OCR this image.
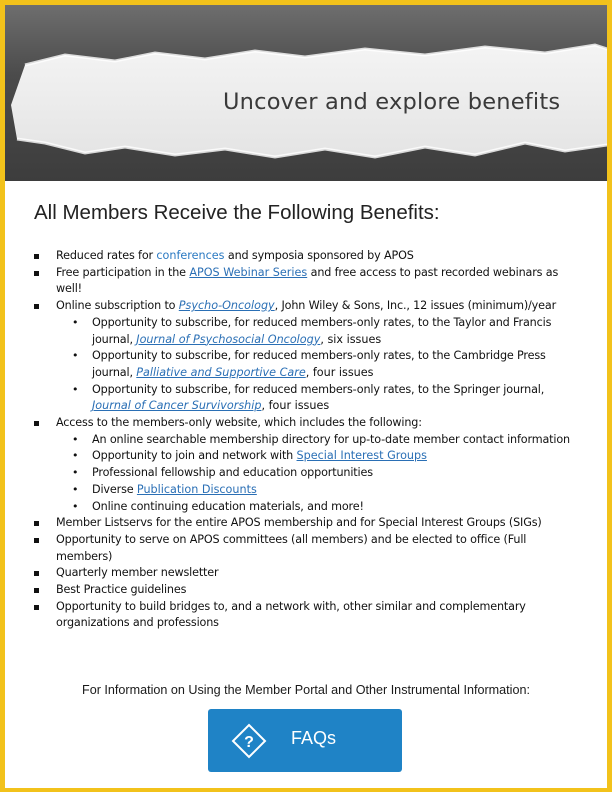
Uncover and explore benefits
All Members Receive the Following Benefits:
Reduced rates for conferences and symposia sponsored by APOS
Free participation in the APOS Webinar Series and free access to past recorded webinars as well!
Online subscription to Psycho-Oncology, John Wiley & Sons, Inc., 12 issues (minimum)/year
• Opportunity to subscribe, for reduced members-only rates, to the Taylor and Francis journal, Journal of Psychosocial Oncology, six issues
• Opportunity to subscribe, for reduced members-only rates, to the Cambridge Press journal, Palliative and Supportive Care, four issues
• Opportunity to subscribe, for reduced members-only rates, to the Springer journal, Journal of Cancer Survivorship, four issues
Access to the members-only website, which includes the following:
• An online searchable membership directory for up-to-date member contact information
• Opportunity to join and network with Special Interest Groups
• Professional fellowship and education opportunities
• Diverse Publication Discounts
• Online continuing education materials, and more!
Member Listservs for the entire APOS membership and for Special Interest Groups (SIGs)
Opportunity to serve on APOS committees (all members) and be elected to office (Full members)
Quarterly member newsletter
Best Practice guidelines
Opportunity to build bridges to, and a network with, other similar and complementary organizations and professions
For Information on Using the Member Portal and Other Instrumental Information:
? FAQs
